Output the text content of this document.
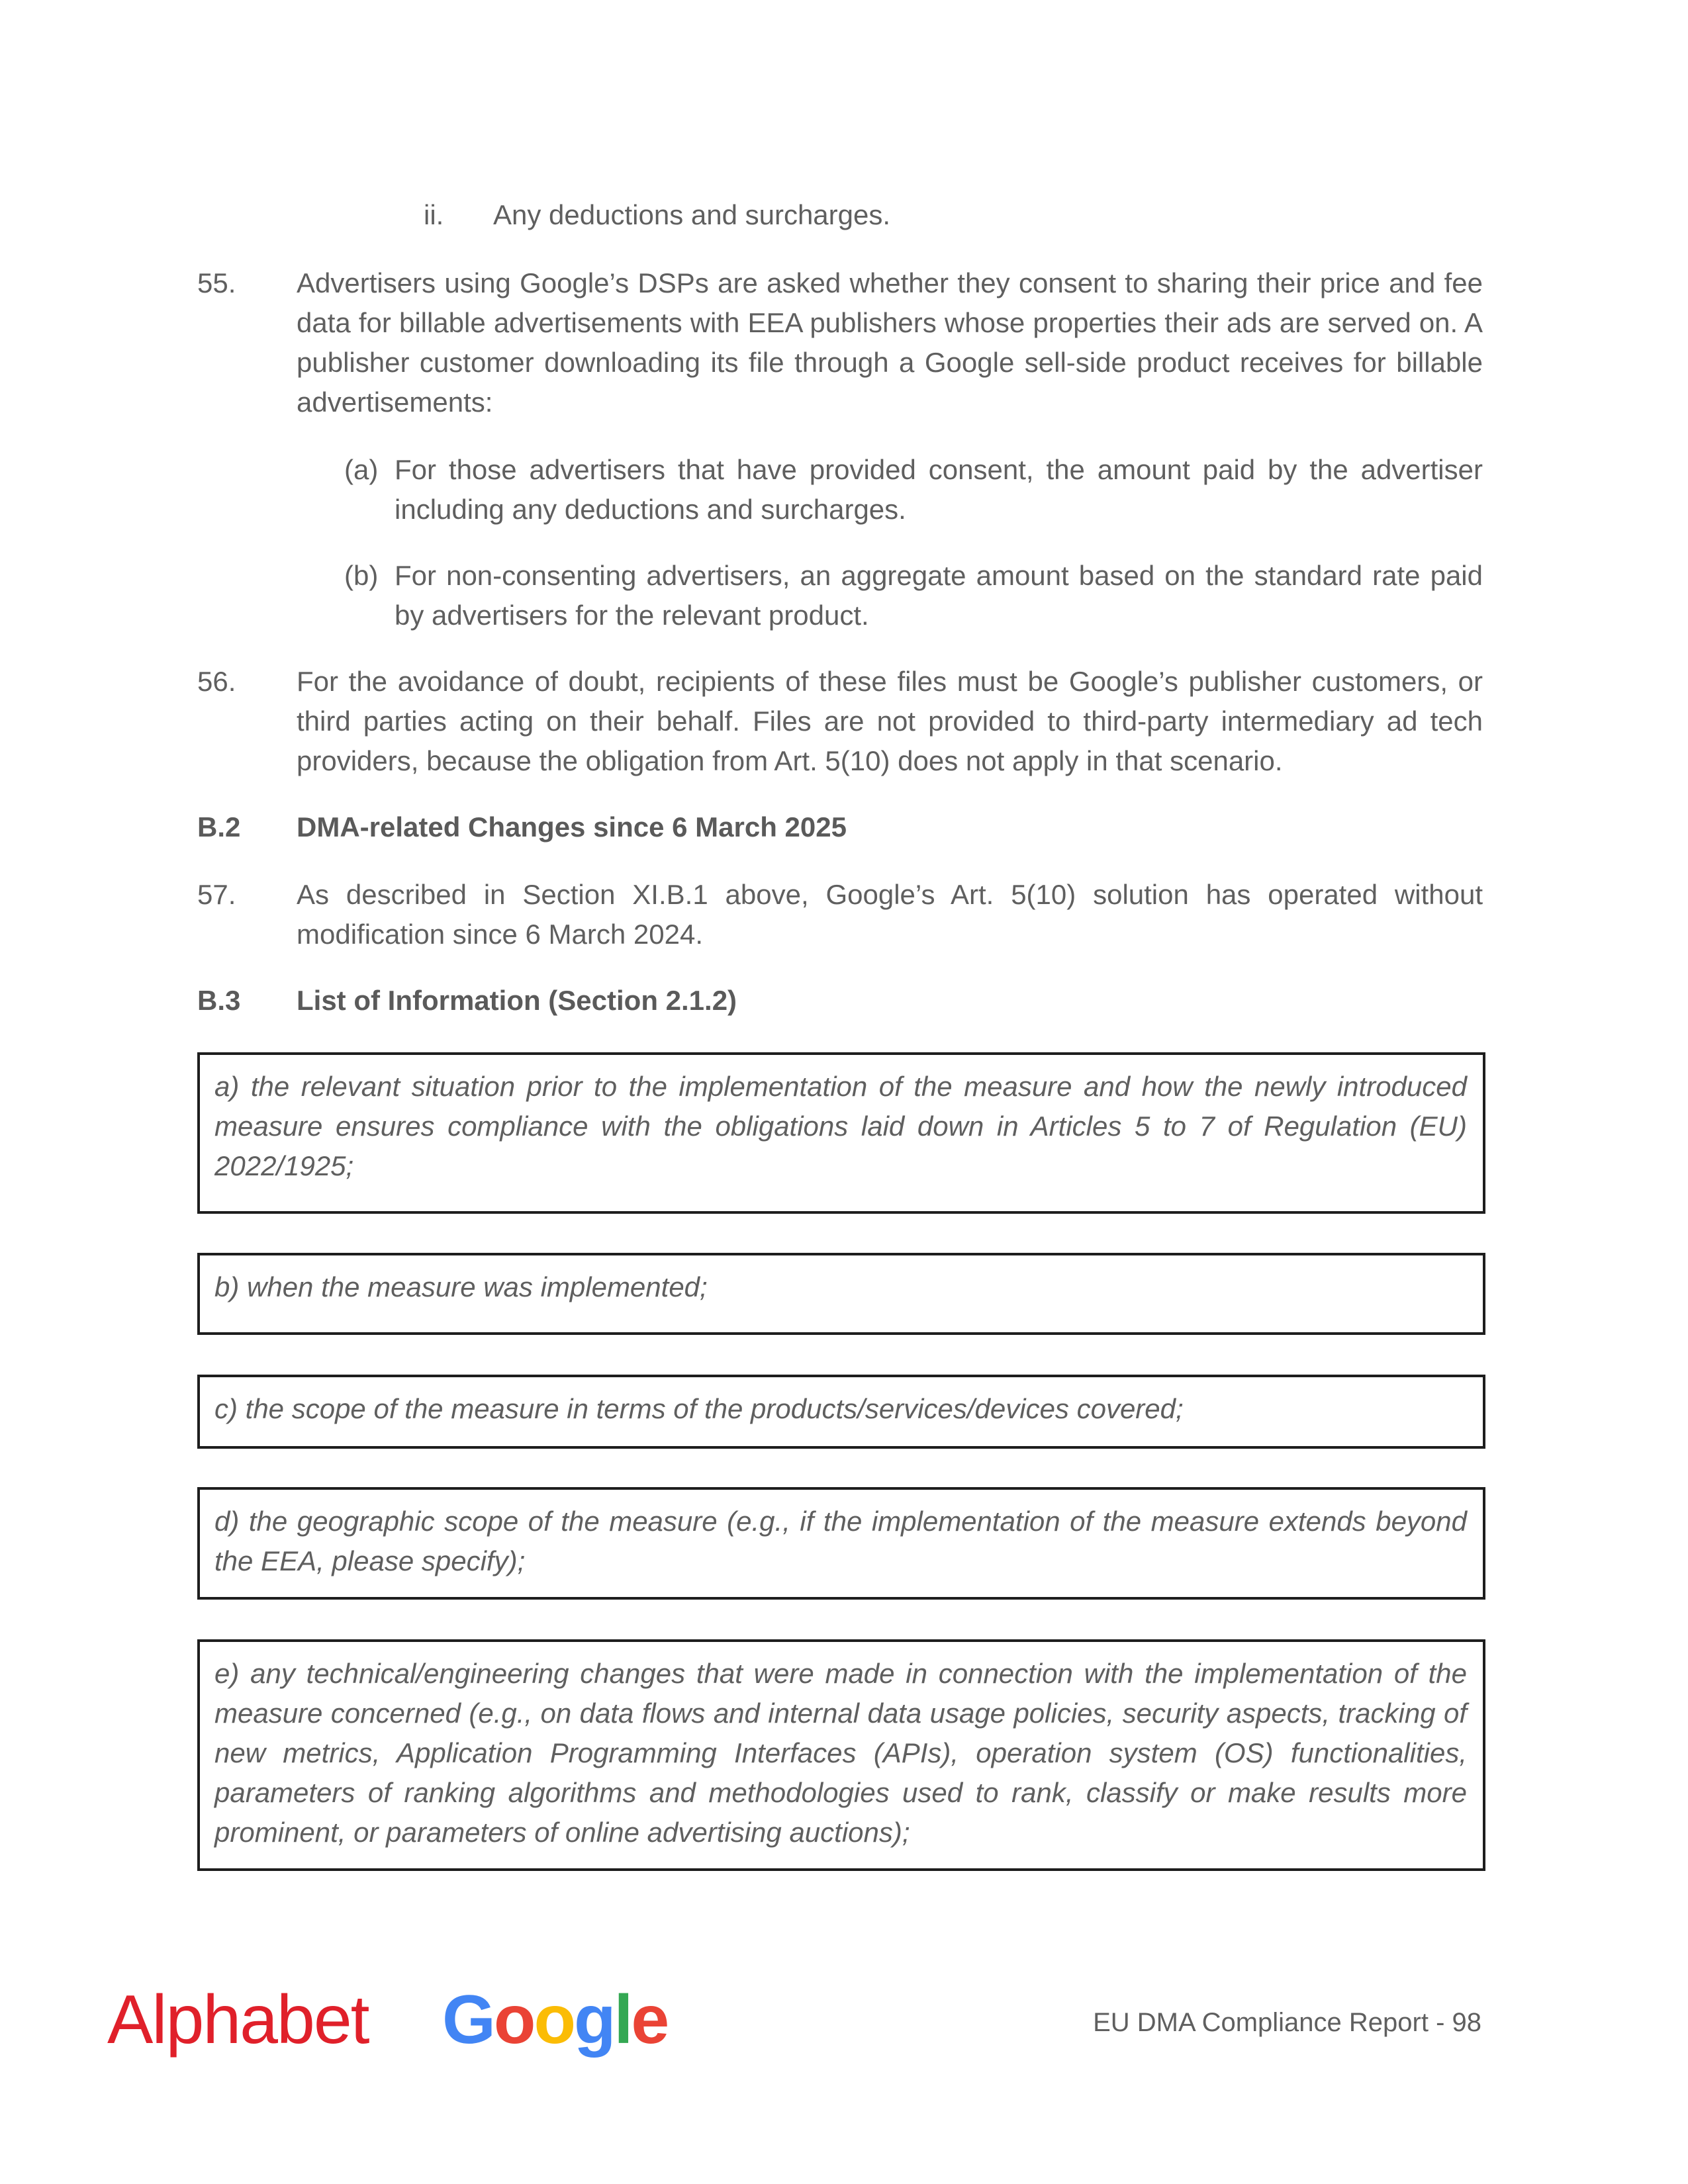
ii.	Any deductions and surcharges.
55. Advertisers using Google’s DSPs are asked whether they consent to sharing their price and fee data for billable advertisements with EEA publishers whose properties their ads are served on. A publisher customer downloading its file through a Google sell-side product receives for billable advertisements:
(a) For those advertisers that have provided consent, the amount paid by the advertiser including any deductions and surcharges.
(b) For non-consenting advertisers, an aggregate amount based on the standard rate paid by advertisers for the relevant product.
56. For the avoidance of doubt, recipients of these files must be Google’s publisher customers, or third parties acting on their behalf. Files are not provided to third-party intermediary ad tech providers, because the obligation from Art. 5(10) does not apply in that scenario.
B.2 DMA-related Changes since 6 March 2025
57. As described in Section XI.B.1 above, Google’s Art. 5(10) solution has operated without modification since 6 March 2024.
B.3 List of Information (Section 2.1.2)
a) the relevant situation prior to the implementation of the measure and how the newly introduced measure ensures compliance with the obligations laid down in Articles 5 to 7 of Regulation (EU) 2022/1925;
b) when the measure was implemented;
c) the scope of the measure in terms of the products/services/devices covered;
d) the geographic scope of the measure (e.g., if the implementation of the measure extends beyond the EEA, please specify);
e) any technical/engineering changes that were made in connection with the implementation of the measure concerned (e.g., on data flows and internal data usage policies, security aspects, tracking of new metrics, Application Programming Interfaces (APIs), operation system (OS) functionalities, parameters of ranking algorithms and methodologies used to rank, classify or make results more prominent, or parameters of online advertising auctions);
Alphabet Google	EU DMA Compliance Report - 98
